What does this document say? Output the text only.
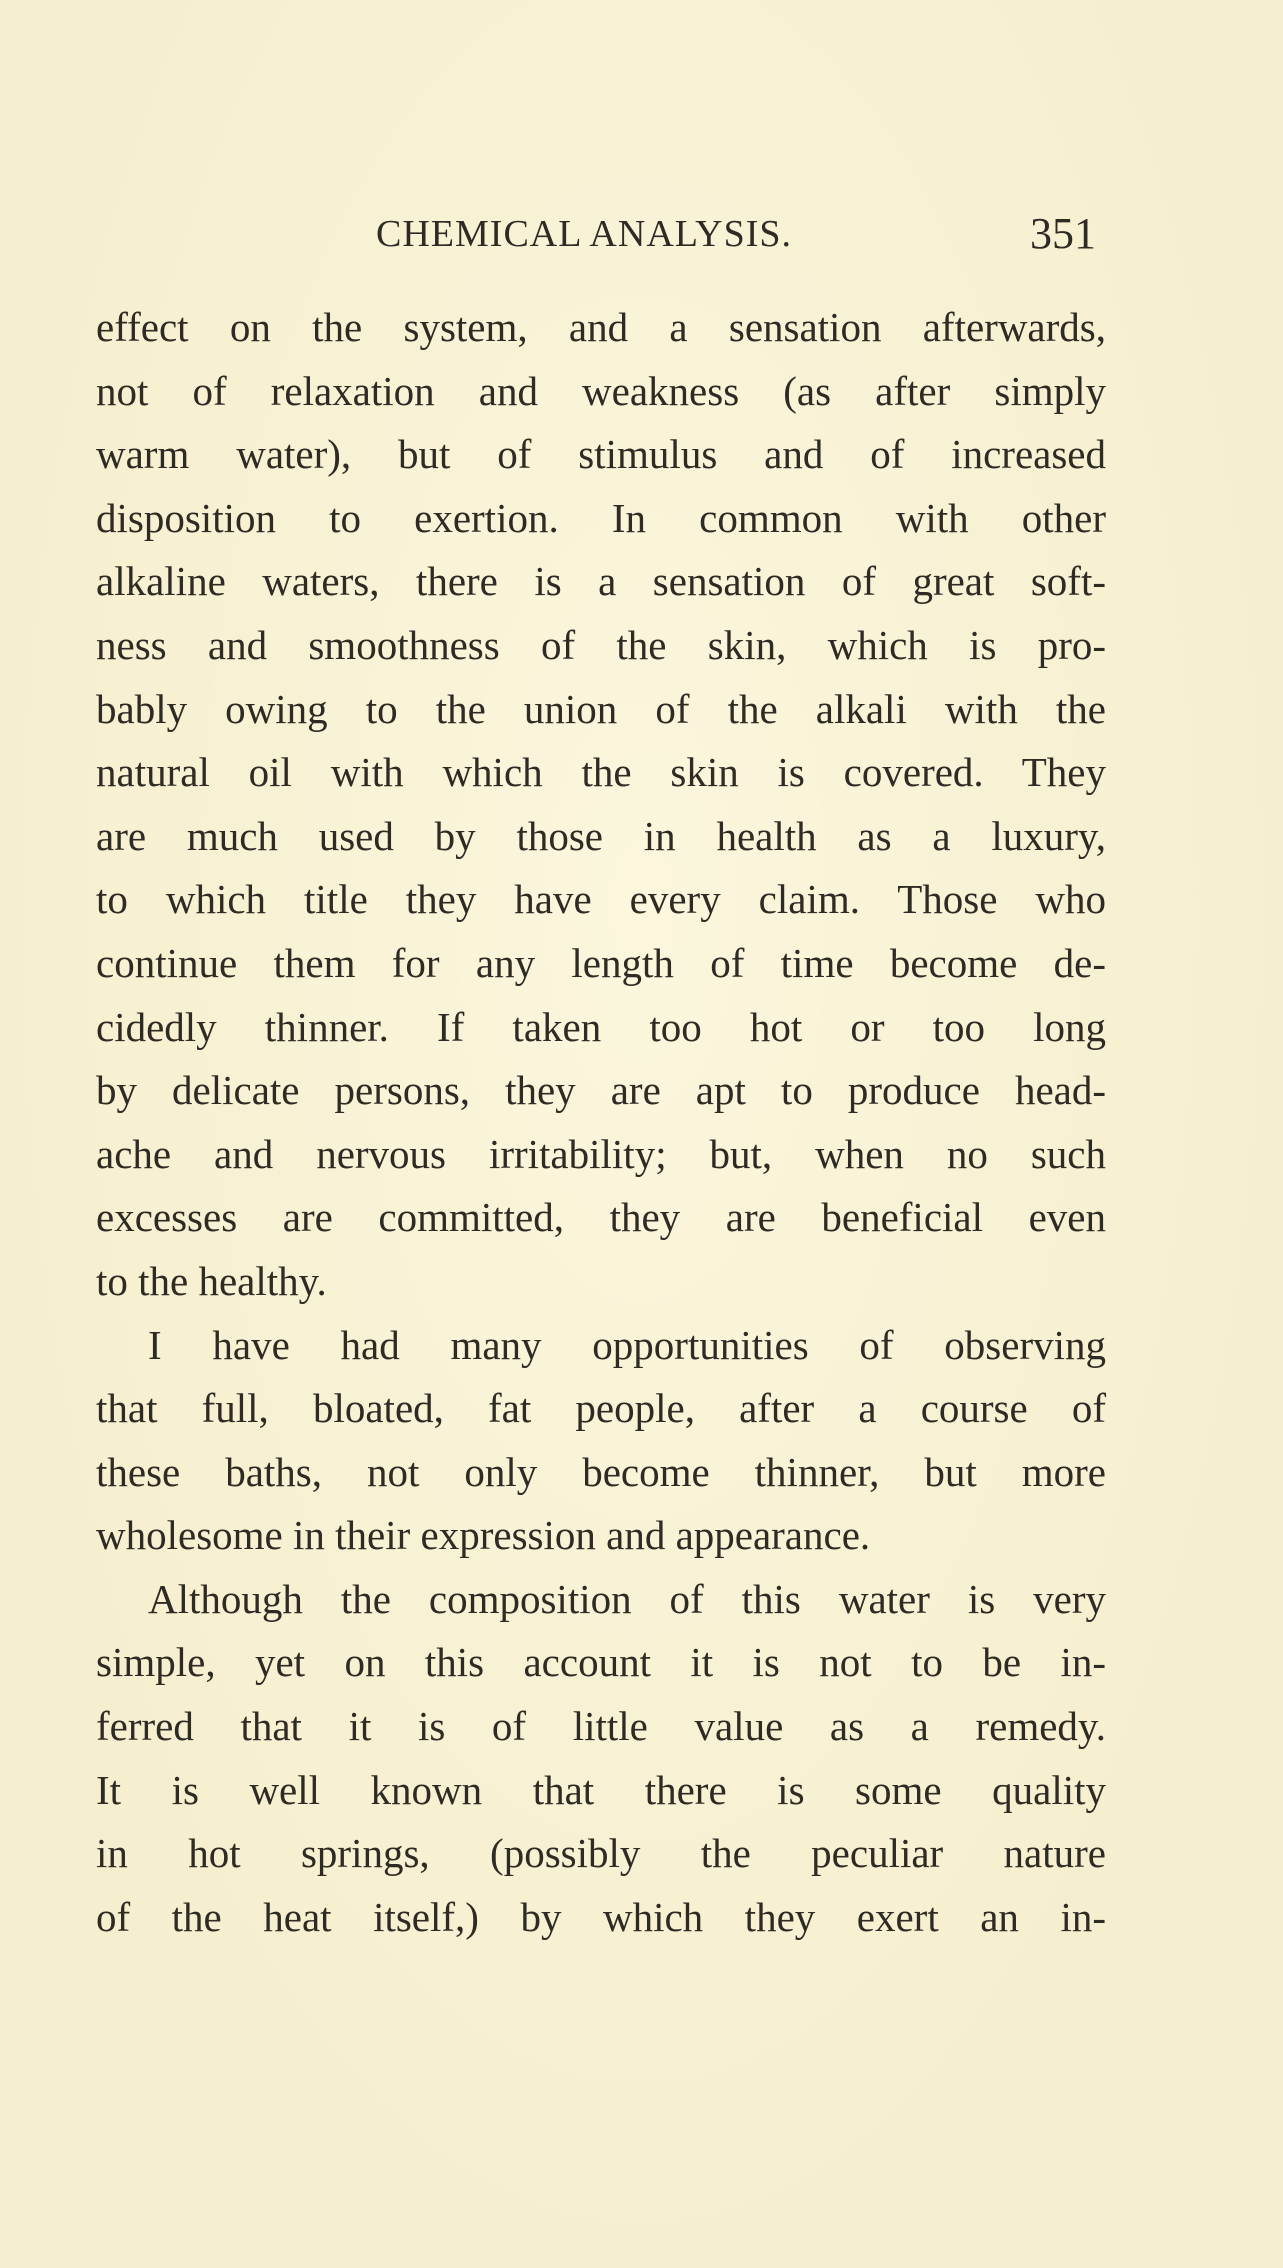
CHEMICAL ANALYSIS.	351
effect on the system, and a sensation afterwards,
not of relaxation and weakness (as after simply
warm water), but of stimulus and of increased
disposition to exertion. In common with other
alkaline waters, there is a sensation of great soft-
ness and smoothness of the skin, which is pro-
bably owing to the union of the alkali with the
natural oil with which the skin is covered. They
are much used by those in health as a luxury,
to which title they have every claim. Those who
continue them for any length of time become de-
cidedly thinner. If taken too hot or too long
by delicate persons, they are apt to produce head-
ache and nervous irritability; but, when no such
excesses are committed, they are beneficial even
to the healthy.
I have had many opportunities of observing
that full, bloated, fat people, after a course of
these baths, not only become thinner, but more
wholesome in their expression and appearance.
Although the composition of this water is very
simple, yet on this account it is not to be in-
ferred that it is of little value as a remedy.
It is well known that there is some quality
in hot springs, (possibly the peculiar nature
of the heat itself,) by which they exert an in-
